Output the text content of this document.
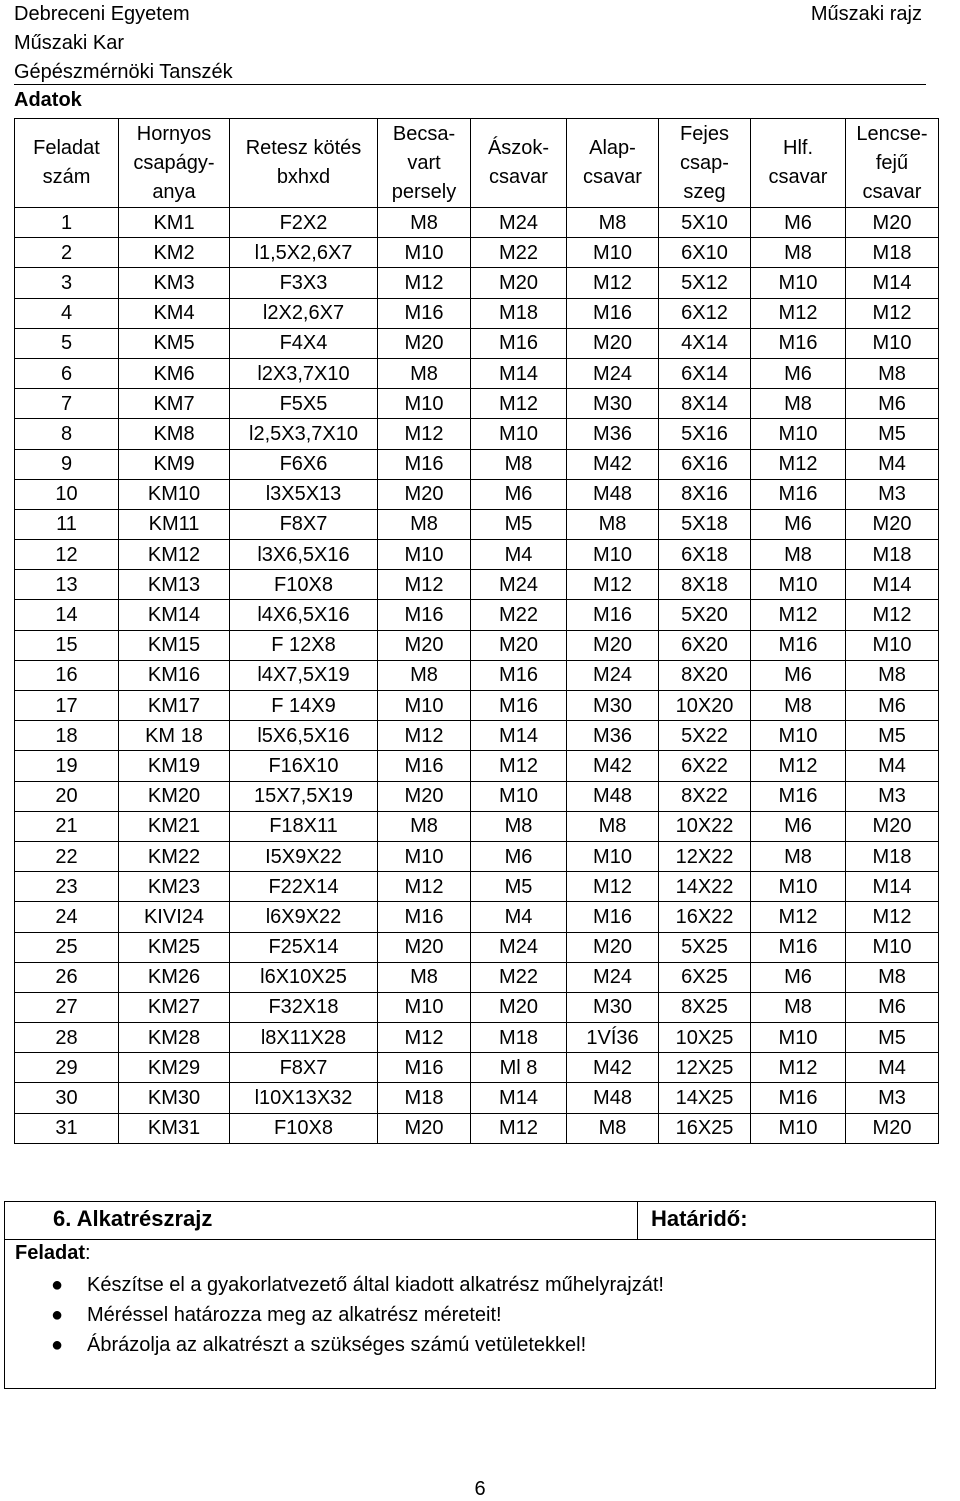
Debreceni Egyetem
Műszaki Kar
Gépészmérnöki Tanszék
Műszaki rajz
Adatok
Feladat szám	Hornyos csapágy-anya	Retesz kötés bxhxd	Becsa-vart persely	Ászok-csavar	Alap-csavar	Fejes csap-szeg	Hlf. csavar	Lencse-fejű csavar
1	KM1	F2X2	M8	M24	M8	5X10	M6	M20
2	KM2	l1,5X2,6X7	M10	M22	M10	6X10	M8	M18
3	KM3	F3X3	M12	M20	M12	5X12	M10	M14
4	KM4	l2X2,6X7	M16	M18	M16	6X12	M12	M12
5	KM5	F4X4	M20	M16	M20	4X14	M16	M10
6	KM6	l2X3,7X10	M8	M14	M24	6X14	M6	M8
7	KM7	F5X5	M10	M12	M30	8X14	M8	M6
8	KM8	l2,5X3,7X10	M12	M10	M36	5X16	M10	M5
9	KM9	F6X6	M16	M8	M42	6X16	M12	M4
10	KM10	l3X5X13	M20	M6	M48	8X16	M16	M3
11	KM11	F8X7	M8	M5	M8	5X18	M6	M20
12	KM12	l3X6,5X16	M10	M4	M10	6X18	M8	M18
13	KM13	F10X8	M12	M24	M12	8X18	M10	M14
14	KM14	l4X6,5X16	M16	M22	M16	5X20	M12	M12
15	KM15	F 12X8	M20	M20	M20	6X20	M16	M10
16	KM16	l4X7,5X19	M8	M16	M24	8X20	M6	M8
17	KM17	F 14X9	M10	M16	M30	10X20	M8	M6
18	KM 18	l5X6,5X16	M12	M14	M36	5X22	M10	M5
19	KM19	F16X10	M16	M12	M42	6X22	M12	M4
20	KM20	15X7,5X19	M20	M10	M48	8X22	M16	M3
21	KM21	F18X11	M8	M8	M8	10X22	M6	M20
22	KM22	I5X9X22	M10	M6	M10	12X22	M8	M18
23	KM23	F22X14	M12	M5	M12	14X22	M10	M14
24	KIVI24	l6X9X22	M16	M4	M16	16X22	M12	M12
25	KM25	F25X14	M20	M24	M20	5X25	M16	M10
26	KM26	l6X10X25	M8	M22	M24	6X25	M6	M8
27	KM27	F32X18	M10	M20	M30	8X25	M8	M6
28	KM28	l8X11X28	M12	M18	1VÍ36	10X25	M10	M5
29	KM29	F8X7	M16	Ml 8	M42	12X25	M12	M4
30	KM30	l10X13X32	M18	M14	M48	14X25	M16	M3
31	KM31	F10X8	M20	M12	M8	16X25	M10	M20
6. Alkatrészrajz	Határidő:
Feladat:
● Készítse el a gyakorlatvezető által kiadott alkatrész műhelyrajzát!
● Méréssel határozza meg az alkatrész méreteit!
● Ábrázolja az alkatrészt a szükséges számú vetületekkel!
6
